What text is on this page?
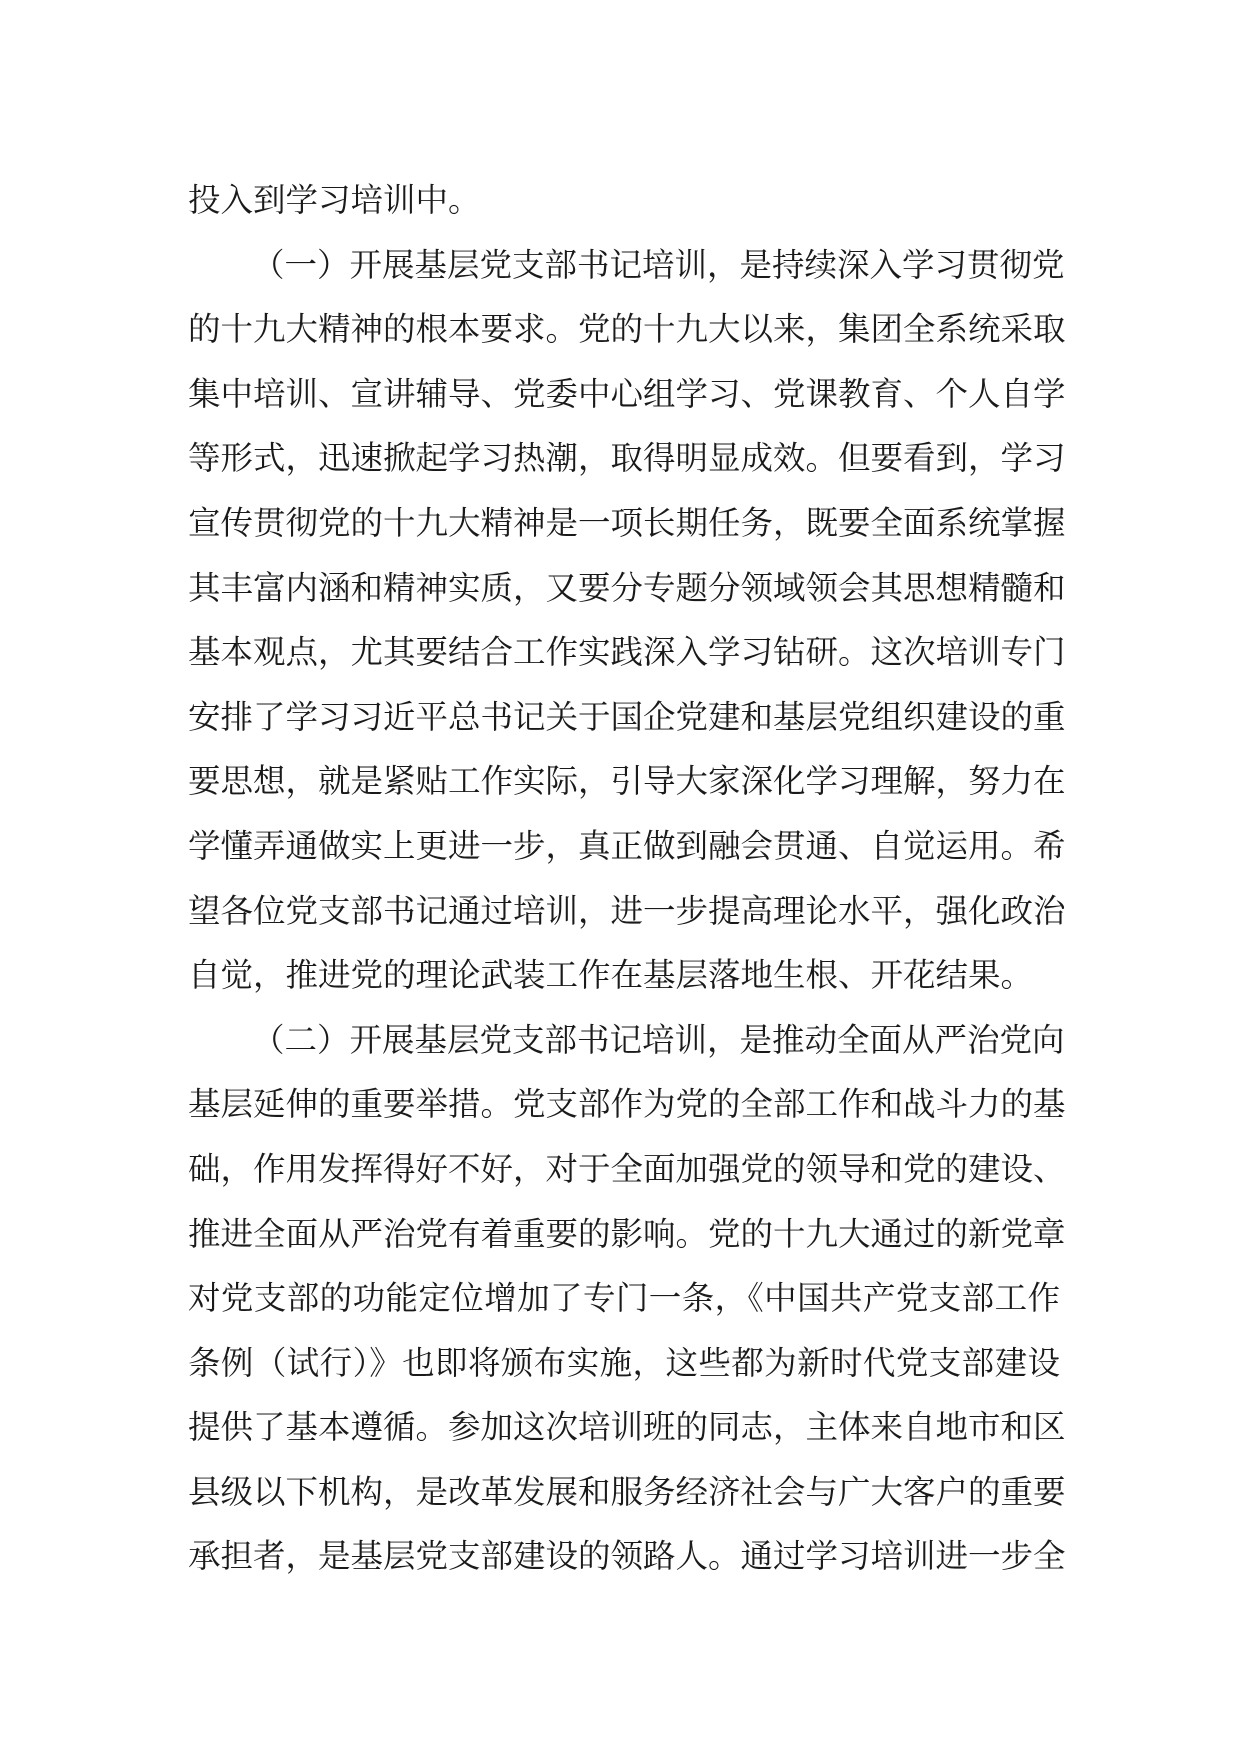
投入到学习培训中。
（一）开展基层党支部书记培训，是持续深入学习贯彻党
的十九大精神的根本要求。党的十九大以来，集团全系统采取
集中培训、宣讲辅导、党委中心组学习、党课教育、个人自学
等形式，迅速掀起学习热潮，取得明显成效。但要看到，学习
宣传贯彻党的十九大精神是一项长期任务，既要全面系统掌握
其丰富内涵和精神实质，又要分专题分领域领会其思想精髓和
基本观点，尤其要结合工作实践深入学习钻研。这次培训专门
安排了学习习近平总书记关于国企党建和基层党组织建设的重
要思想，就是紧贴工作实际，引导大家深化学习理解，努力在
学懂弄通做实上更进一步，真正做到融会贯通、自觉运用。希
望各位党支部书记通过培训，进一步提高理论水平，强化政治
自觉，推进党的理论武装工作在基层落地生根、开花结果。
（二）开展基层党支部书记培训，是推动全面从严治党向
基层延伸的重要举措。党支部作为党的全部工作和战斗力的基
础，作用发挥得好不好，对于全面加强党的领导和党的建设、
推进全面从严治党有着重要的影响。党的十九大通过的新党章
对党支部的功能定位增加了专门一条，《中国共产党支部工作
条例（试行）》也即将颁布实施，这些都为新时代党支部建设
提供了基本遵循。参加这次培训班的同志，主体来自地市和区
县级以下机构，是改革发展和服务经济社会与广大客户的重要
承担者，是基层党支部建设的领路人。通过学习培训进一步全
